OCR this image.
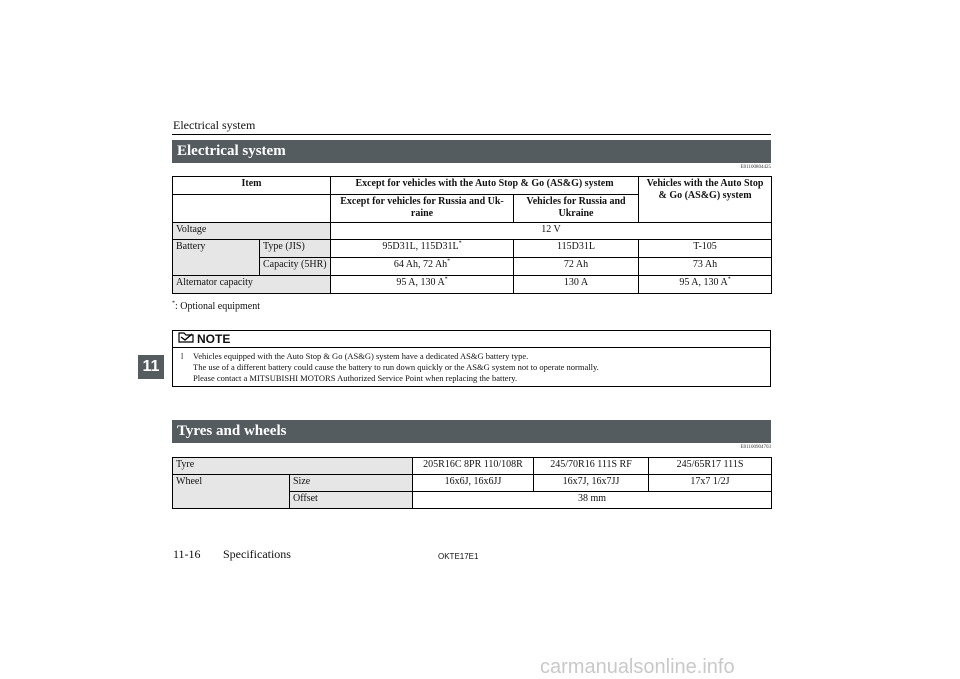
Electrical system
Electrical system
E01100804425
Item		Except for vehicles with the Auto Stop & Go (AS&G) system		Vehicles with the Auto Stop & Go (AS&G) system
		Except for vehicles for Russia and Uk-raine	Vehicles for Russia and Ukraine	
Voltage		12 V		
Battery	Type (JIS)	95D31L, 115D31L*	115D31L	T-105
	Capacity (5HR)	64 Ah, 72 Ah*	72 Ah	73 Ah
Alternator capacity		95 A, 130 A*	130 A	95 A, 130 A*
*: Optional equipment
NOTE
l	Vehicles equipped with the Auto Stop & Go (AS&G) system have a dedicated AS&G battery type.
The use of a different battery could cause the battery to run down quickly or the AS&G system not to operate normally.
Please contact a MITSUBISHI MOTORS Authorized Service Point when replacing the battery.
11
Tyres and wheels
E01100904703
Tyre		205R16C 8PR 110/108R	245/70R16 111S RF	245/65R17 111S
Wheel	Size	16x6J, 16x6JJ	16x7J, 16x7JJ	17x7 1/2J
	Offset	38 mm		
11-16 Specifications	OKTE17E1
carmanualsonline.info
